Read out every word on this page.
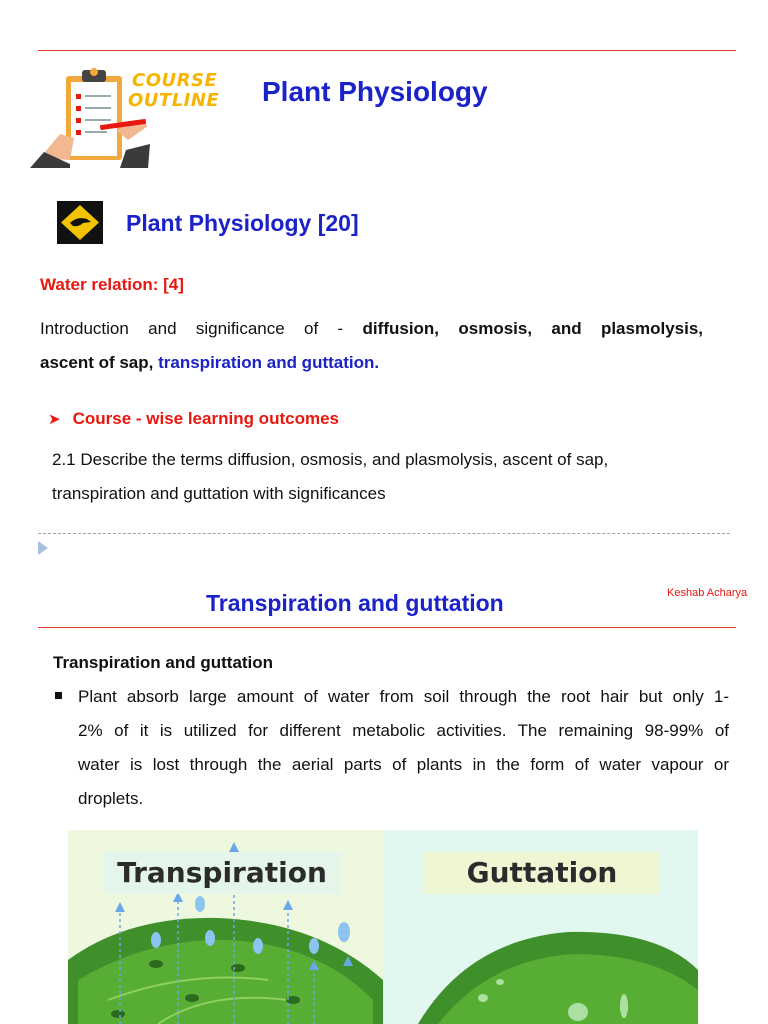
COURSE
OUTLINE Plant Physiology
Plant Physiology [20]
Water relation: [4]
Introduction and significance of - diffusion, osmosis, and plasmolysis,
ascent of sap, transpiration and guttation.
➤ Course - wise learning outcomes
2.1 Describe the terms diffusion, osmosis, and plasmolysis, ascent of sap,
transpiration and guttation with significances
Keshab Acharya
Transpiration and guttation
Transpiration and guttation
Plant absorb large amount of water from soil through the root hair but only 1-
2% of it is utilized for different metabolic activities. The remaining 98-99% of
water is lost through the aerial parts of plants in the form of water vapour or
droplets.
Transpiration	Guttation
